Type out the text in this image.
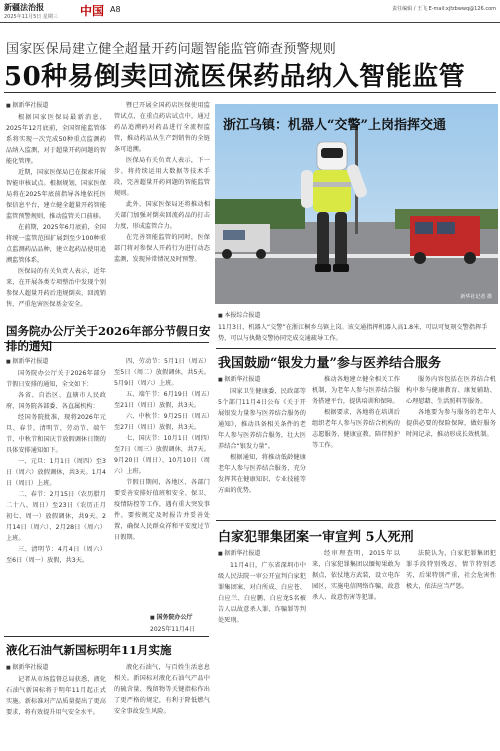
新疆法治报
2025年11月5日 星期三 中国 A8	责任编辑 / 王飞 E-mail:xjfzbwwq@126.com
国家医保局建立健全超量开药问题智能监管筛查预警规则
50种易倒卖回流医保药品纳入智能监管
■ 据新华社报道

根据国家医保局最新消息，2025年12月底前，全国智能监管体系将实现一次完成50种重点监测药品纳入监测，对于超量开药问题的智能化管理。

近期，国家医保局已在探索开展智能审核试点。根据规划，国家医保局将在2025年底前指导各地依托医保信息平台，建立健全超量开药智能监管预警规则，推动监管关口前移。

在前期，2025年6月底前，全国将统一监管范围扩展到至少100种重点监测药品品种，建立起药品使用追溯监管体系。

医保局的有关负责人表示，近年来，在开展各类专项整治中发现个别参保人超量开药后违规倒卖、回流销售，严重危害医保基金安全。

暨已开展全国药店医保使用监管试点，在重点药店试点中，通过药品追溯码对药品进行全流程监管，推动药品从生产到销售的全链条可追溯。

医保局有关负责人表示，下一步，将持续运用大数据等技术手段，完善超量开药问题的智能监管规则。

此外，国家医保局还将推动相关部门加强对倒卖回流药品的打击力度，形成监管合力。

在完善智能监管的同时，医保部门将对参保人开药行为进行动态监测，发现异常情况及时预警。

浙江乌镇：机器人“交警”上岗指挥交通
新华社记者 摄
■ 本报综合报道
11月3日，机器人“交警”在浙江桐乡乌镇上岗。该交通指挥机器人高1.8米，可以可复刻交警指挥手势，可以与执勤交警协同完成交通疏导工作。
国务院办公厅关于2026年部分节假日安排的通知
■ 据新华社报道

国务院办公厅关于2026年部分节假日安排的通知，全文如下：

各省、自治区、直辖市人民政府，国务院各部委、各直属机构：

经国务院批准，现将2026年元旦、春节、清明节、劳动节、端午节、中秋节和国庆节放假调休日期的具体安排通知如下。

一、元旦：1月1日（周四）至3日（周六）放假调休，共3天。1月4日（周日）上班。

二、春节：2月15日（农历腊月二十八、周日）至23日（农历正月初七、周一）放假调休，共9天。2月14日（周六）、2月28日（周六）上班。

三、清明节：4月4日（周六）至6日（周一）放假，共3天。

四、劳动节：5月1日（周五）至5日（周二）放假调休，共5天。5月9日（周六）上班。

五、端午节：6月19日（周五）至21日（周日）放假，共3天。

六、中秋节：9月25日（周五）至27日（周日）放假，共3天。

七、国庆节：10月1日（周四）至7日（周三）放假调休，共7天。9月20日（周日）、10月10日（周六）上班。

节假日期间，各地区、各部门要妥善安排好值班和安全、保卫、疫情防控等工作，遇有重大突发事件，要按规定及时报告并妥善处置，确保人民群众祥和平安度过节日假期。

■ 国务院办公厅
2025年11月4日
液化石油气新国标明年11月实施
■ 据新华社报道

记者从市场监督总局获悉，液化石油气新国标将于明年11月起正式实施。新标准对产品质量提出了更高要求，将有效提升用气安全水平。

液化石油气，与百姓生活息息相关。新国标对液化石油气产品中的硫含量、残留物等关键指标作出了更严格的规定，有利于降低燃气安全事故发生风险。

我国鼓励“银发力量”参与医养结合服务
■ 据新华社报道

国家卫生健康委、民政部等5个部门11月4日公布《关于开展银发力量参与医养结合服务的通知》，推动具备相关条件的老年人参与医养结合服务，壮大医养结合“银发力量”。

根据通知，将推动低龄健康老年人参与医养结合服务，充分发挥其在健康知识、专业技能等方面的优势。

推动各地建立健全相关工作机制，为老年人参与医养结合服务搭建平台，提供培训和保障。

根据要求，各地将在培训后组织老年人参与医养结合机构的志愿服务、健康宣教、陪伴照护等工作。

服务内容包括在医养结合机构中参与健康教育、康复辅助、心理慰藉、生活照料等服务。

各地要为参与服务的老年人提供必要的保险保障，做好服务时间记录，推动形成长效机制。

白家犯罪集团案一审宣判 5人死刑
■ 据新华社报道

11月4日，广东省深圳市中级人民法院一审公开宣判白家犯罪集团案，对白所成、白应苍、白应兰、白应鹏、白应龙5名被告人以故意杀人罪、诈骗罪等判处死刑。

经审理查明，2015年以来，白家犯罪集团以缅甸果敢为据点，依仗地方武装，设立电诈园区，实施电信网络诈骗、故意杀人、故意伤害等犯罪。

法院认为，白家犯罪集团犯罪手段特别残忍，情节特别恶劣，后果特别严重，社会危害性极大，依法应当严惩。
